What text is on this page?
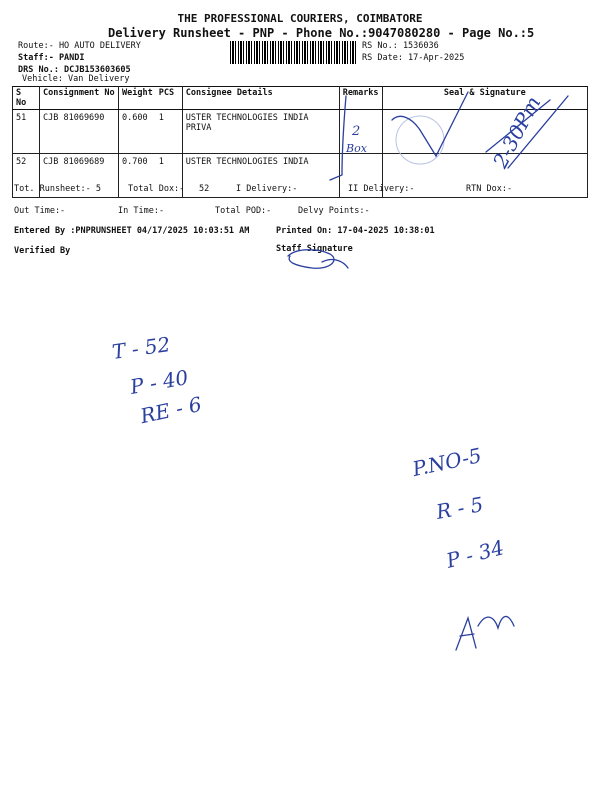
THE PROFESSIONAL COURIERS, COIMBATORE
Delivery Runsheet - PNP - Phone No.:9047080280 - Page No.:5
Route:- HO AUTO DELIVERY
Staff:- PANDI
DRS No.: DCJB153603605
Vehicle: Van Delivery
RS No.: 1536036
RS Date: 17-Apr-2025
S No	Consignment No	Weight	PCS	Consignee Details	Remarks	Seal & Signature
51	CJB 81069690	0.600	1	USTER TECHNOLOGIES INDIA PRIVA		
52	CJB 81069689	0.700	1	USTER TECHNOLOGIES INDIA		
Tot. Runsheet:- 5	Total Dox:- 52	I Delivery:-	II Delivery:-	RTN Dox:-
Out Time:-	In Time:-	Total POD:-	Delvy Points:-
Entered By :PNPRUNSHEET 04/17/2025 10:03:51 AM	Printed On: 17-04-2025 10:38:01
Verified By	Staff Signature
2
Box	2-30Pm
T - 52
P - 40
RE - 6
P.NO-5
R - 5
P - 34
